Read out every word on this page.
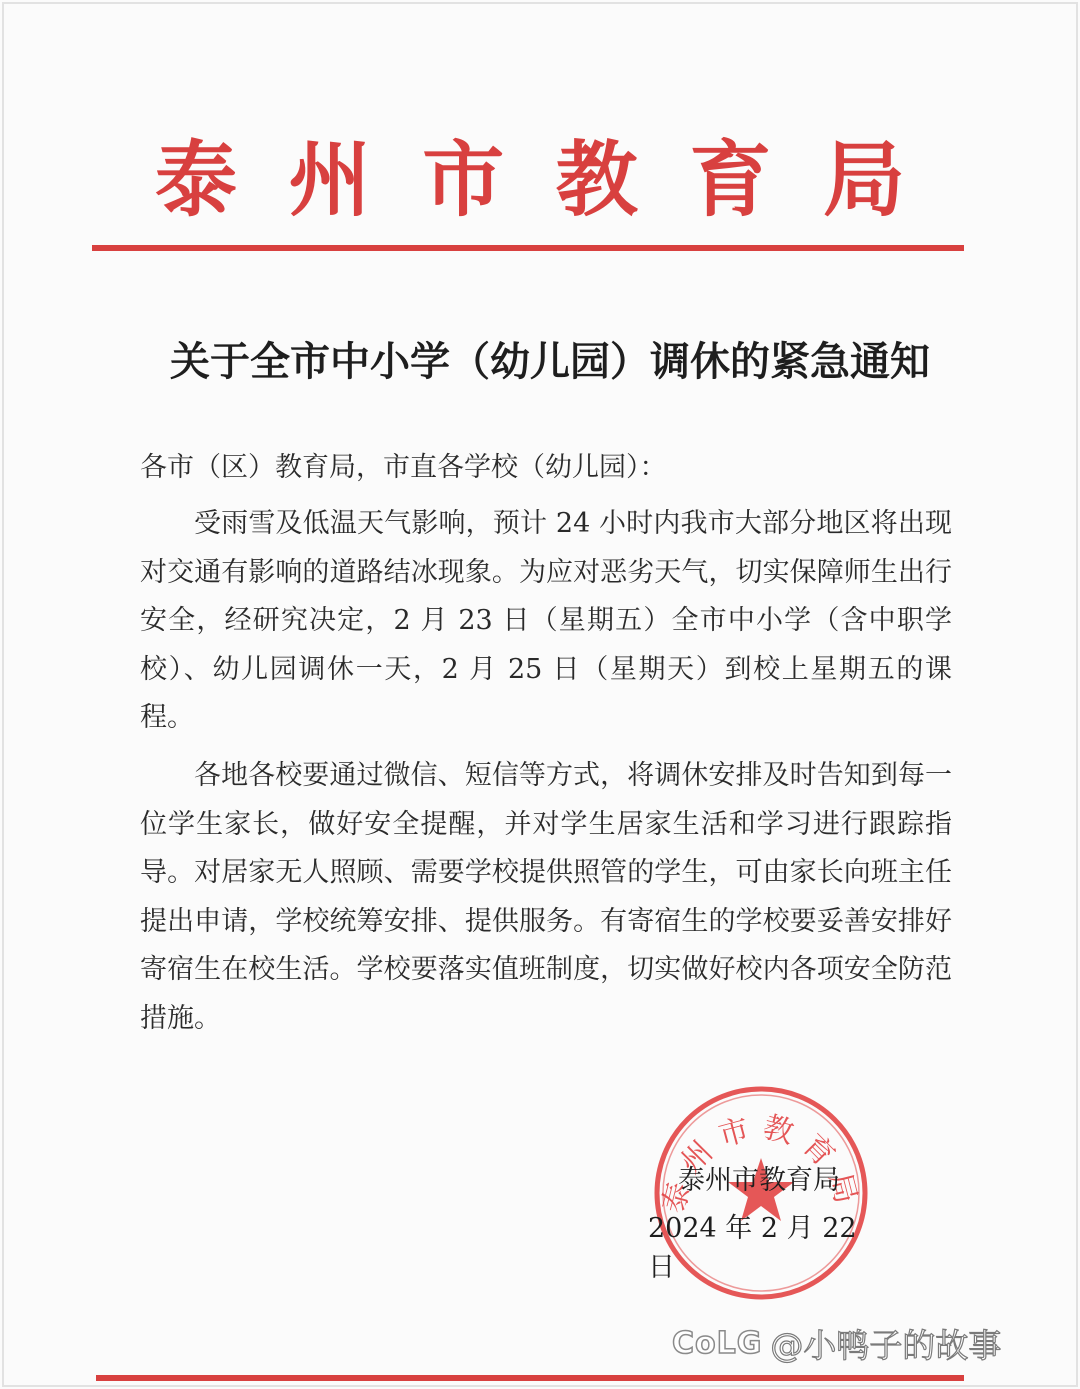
泰 州 市 教 育 局
关于全市中小学（幼儿园）调休的紧急通知
各市（区）教育局，市直各学校（幼儿园）：

受雨雪及低温天气影响，预计 24 小时内我市大部分地区将出现对交通有影响的道路结冰现象。为应对恶劣天气，切实保障师生出行安全，经研究决定，2 月 23 日（星期五）全市中小学（含中职学校）、幼儿园调休一天，2 月 25 日（星期天）到校上星期五的课程。

各地各校要通过微信、短信等方式，将调休安排及时告知到每一位学生家长，做好安全提醒，并对学生居家生活和学习进行跟踪指导。对居家无人照顾、需要学校提供照管的学生，可由家长向班主任提出申请，学校统筹安排、提供服务。有寄宿生的学校要妥善安排好寄宿生在校生活。学校要落实值班制度，切实做好校内各项安全防范措施。

泰州市教育局
泰州市教育局
2024 年 2 月 22 日
CoLG @小鸭子的故事
